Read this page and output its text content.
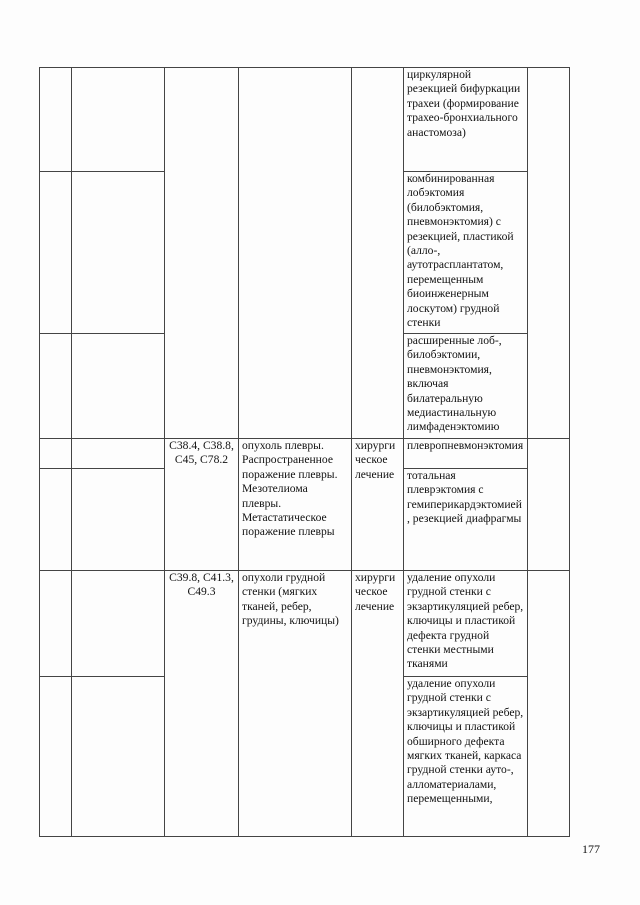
					циркулярной резекцией бифуркации трахеи (формирование трахео-бронхиального анастомоза)	
					комбинированная лобэктомия (билобэктомия, пневмонэктомия) с резекцией, пластикой (алло-, аутотрасплантатом, перемещенным биоинженерным лоскутом) грудной стенки	
					расширенные лоб-, билобэктомии, пневмонэктомия, включая билатеральную медиастинальную лимфаденэктомию	
		C38.4, C38.8, C45, C78.2	опухоль плевры. Распространенное поражение плевры. Мезотелиома плевры. Метастатическое поражение плевры	хирургическое лечение	плевропневмонэктомия	
					тотальная плеврэктомия с гемиперикардэктомией, резекцией диафрагмы	
		C39.8, C41.3, C49.3	опухоли грудной стенки (мягких тканей, ребер, грудины, ключицы)	хирургическое лечение	удаление опухоли грудной стенки с экзартикуляцией ребер, ключицы и пластикой дефекта грудной стенки местными тканями	
					удаление опухоли грудной стенки с экзартикуляцией ребер, ключицы и пластикой обширного дефекта мягких тканей, каркаса грудной стенки ауто-, алломатериалами, перемещенными,	
177
